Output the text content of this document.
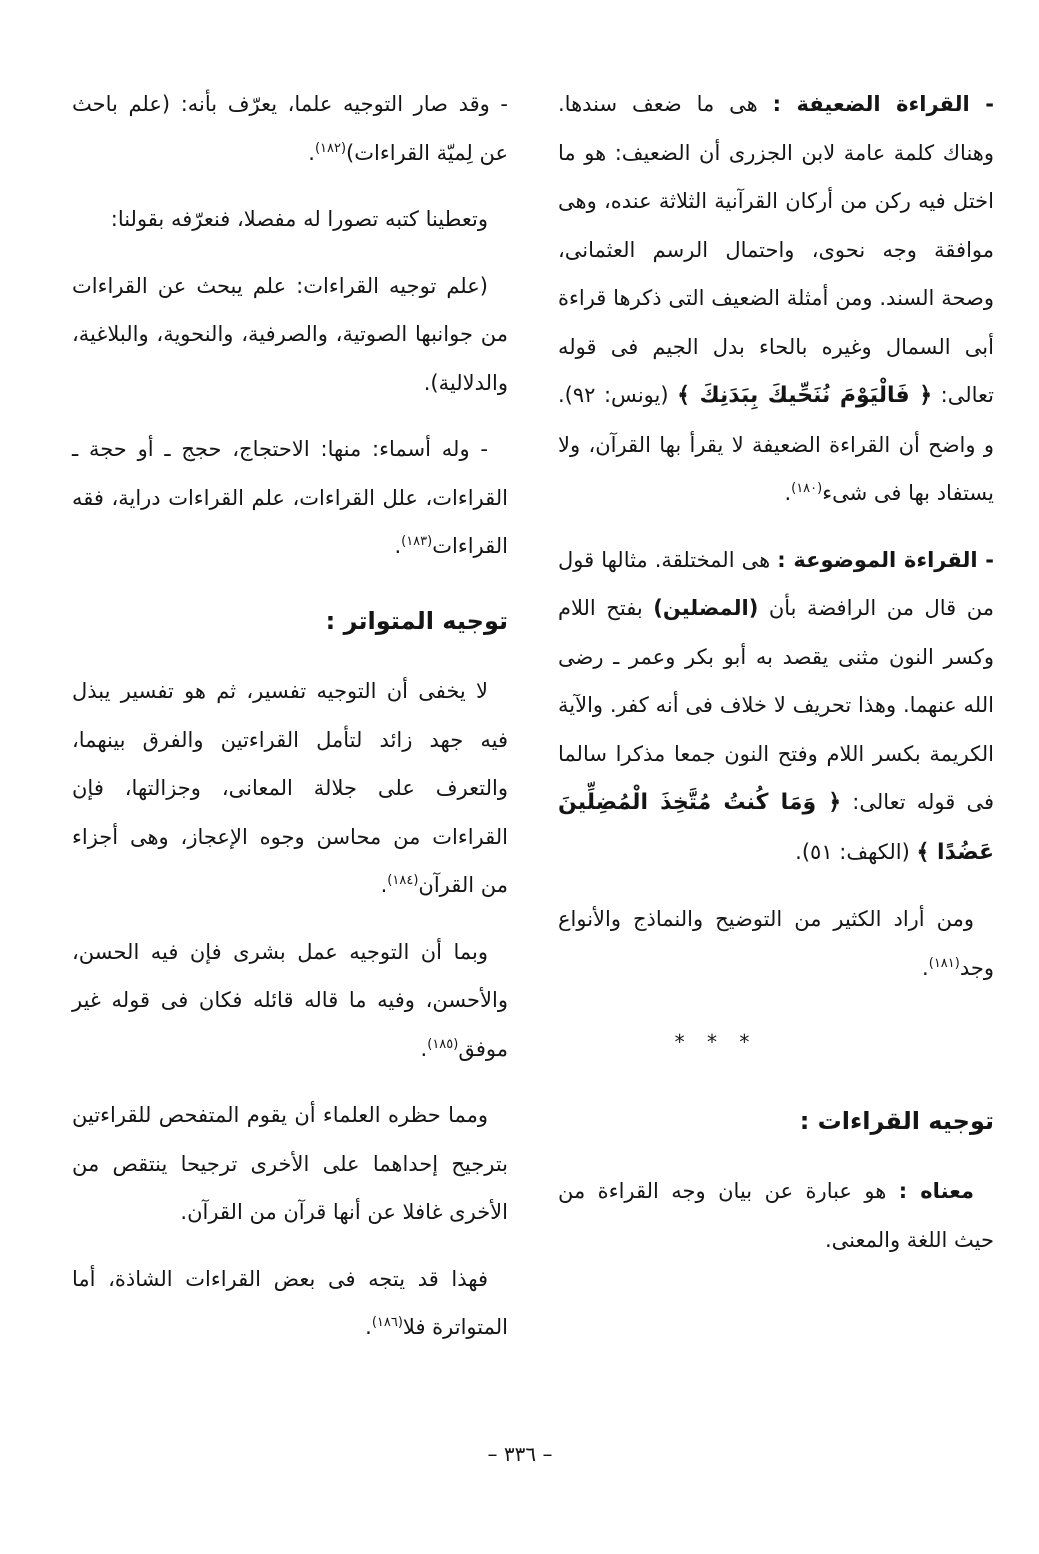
- القراءة الضعيفة : هى ما ضعف سندها. وهناك كلمة عامة لابن الجزرى أن الضعيف: هو ما اختل فيه ركن من أركان القرآنية الثلاثة عنده، وهى موافقة وجه نحوى، واحتمال الرسم العثمانى، وصحة السند. ومن أمثلة الضعيف التى ذكرها قراءة أبى السمال وغيره بالحاء بدل الجيم فى قوله تعالى: ﴿ فَالْيَوْمَ نُنَحِّيكَ بِبَدَنِكَ ﴾ (يونس: ٩٢). و واضح أن القراءة الضعيفة لا يقرأ بها القرآن، ولا يستفاد بها فى شىء$^{(١٨٠)}$.

- القراءة الموضوعة : هى المختلقة. مثالها قول من قال من الرافضة بأن (المضلين) بفتح اللام وكسر النون مثنى يقصد به أبو بكر وعمر ـ رضى الله عنهما. وهذا تحريف لا خلاف فى أنه كفر. والآية الكريمة بكسر اللام وفتح النون جمعا مذكرا سالما فى قوله تعالى: ﴿ وَمَا كُنتُ مُتَّخِذَ الْمُضِلِّينَ عَضُدًا ﴾ (الكهف: ٥١).

ومن أراد الكثير من التوضيح والنماذج والأنواع وجد$^{(١٨١)}$.

* * *
توجيه القراءات :

معناه : هو عبارة عن بيان وجه القراءة من حيث اللغة والمعنى.

- وقد صار التوجيه علما، يعرّف بأنه: (علم باحث عن لِميّة القراءات)$^{(١٨٢)}$.

وتعطينا كتبه تصورا له مفصلا، فنعرّفه بقولنا:

(علم توجيه القراءات: علم يبحث عن القراءات من جوانبها الصوتية، والصرفية، والنحوية، والبلاغية، والدلالية).

- وله أسماء: منها: الاحتجاج، حجج ـ أو حجة ـ القراءات، علل القراءات، علم القراءات دراية، فقه القراءات$^{(١٨٣)}$.

توجيه المتواتر :

لا يخفى أن التوجيه تفسير، ثم هو تفسير يبذل فيه جهد زائد لتأمل القراءتين والفرق بينهما، والتعرف على جلالة المعانى، وجزالتها، فإن القراءات من محاسن وجوه الإعجاز، وهى أجزاء من القرآن$^{(١٨٤)}$.

وبما أن التوجيه عمل بشرى فإن فيه الحسن، والأحسن، وفيه ما قاله قائله فكان فى قوله غير موفق$^{(١٨٥)}$.

ومما حظره العلماء أن يقوم المتفحص للقراءتين بترجيح إحداهما على الأخرى ترجيحا ينتقص من الأخرى غافلا عن أنها قرآن من القرآن.

فهذا قد يتجه فى بعض القراءات الشاذة، أما المتواترة فلا$^{(١٨٦)}$.

– ٣٣٦ –
